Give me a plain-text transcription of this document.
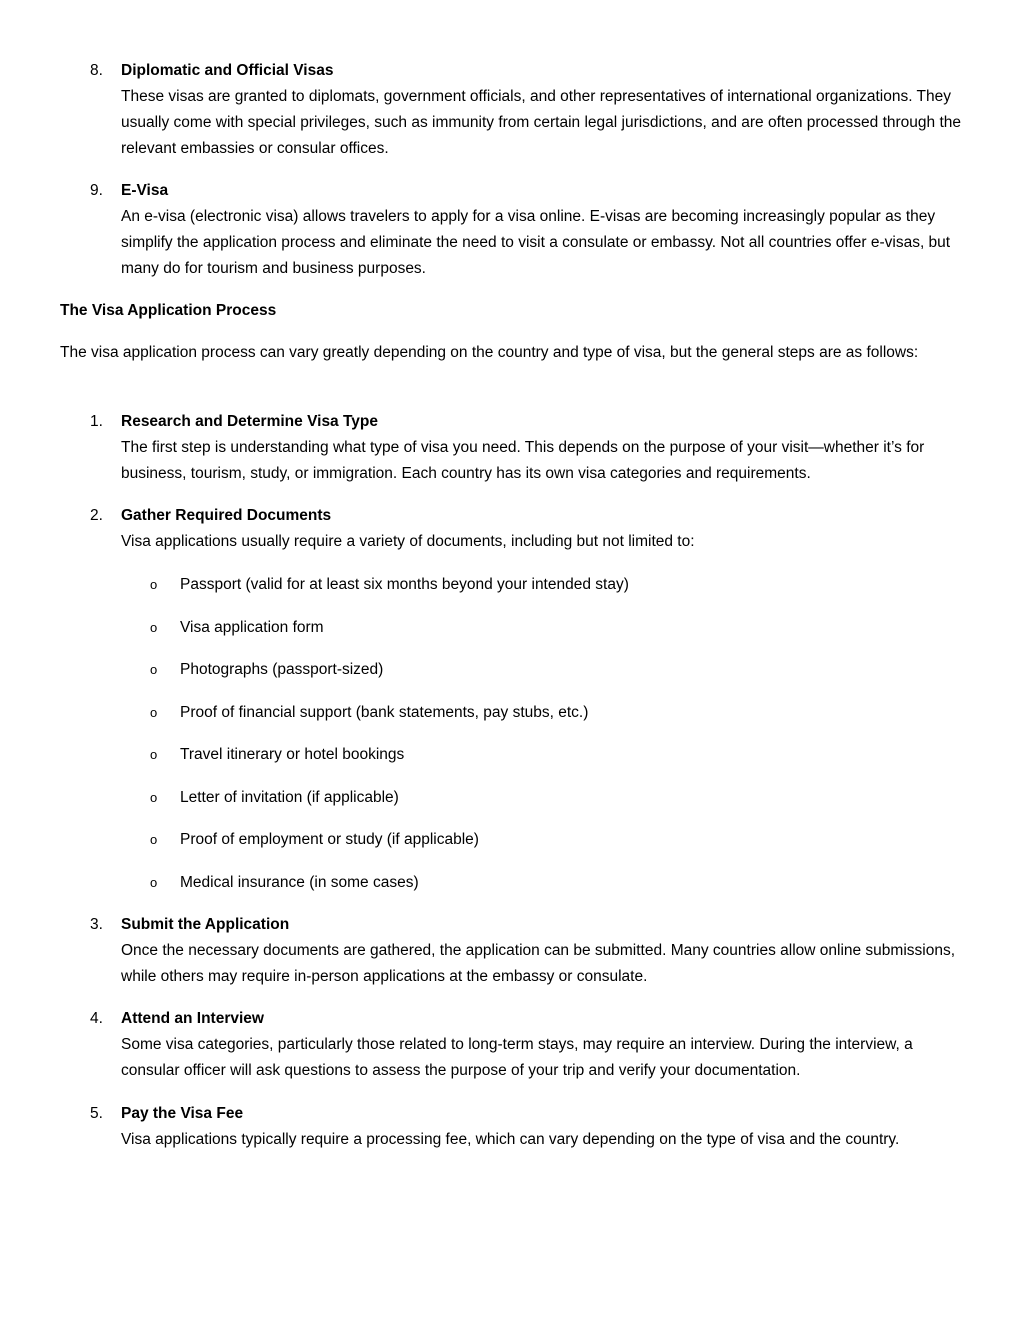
8.	Diplomatic and Official Visas
These visas are granted to diplomats, government officials, and other representatives of international organizations. They usually come with special privileges, such as immunity from certain legal jurisdictions, and are often processed through the relevant embassies or consular offices.
9.	E-Visa
An e-visa (electronic visa) allows travelers to apply for a visa online. E-visas are becoming increasingly popular as they simplify the application process and eliminate the need to visit a consulate or embassy. Not all countries offer e-visas, but many do for tourism and business purposes.
The Visa Application Process
The visa application process can vary greatly depending on the country and type of visa, but the general steps are as follows:
1.	Research and Determine Visa Type
The first step is understanding what type of visa you need. This depends on the purpose of your visit—whether it’s for business, tourism, study, or immigration. Each country has its own visa categories and requirements.
2.	Gather Required Documents
Visa applications usually require a variety of documents, including but not limited to:
o Passport (valid for at least six months beyond your intended stay)
o Visa application form
o Photographs (passport-sized)
o Proof of financial support (bank statements, pay stubs, etc.)
o Travel itinerary or hotel bookings
o Letter of invitation (if applicable)
o Proof of employment or study (if applicable)
o Medical insurance (in some cases)
3.	Submit the Application
Once the necessary documents are gathered, the application can be submitted. Many countries allow online submissions, while others may require in-person applications at the embassy or consulate.
4.	Attend an Interview
Some visa categories, particularly those related to long-term stays, may require an interview. During the interview, a consular officer will ask questions to assess the purpose of your trip and verify your documentation.
5.	Pay the Visa Fee
Visa applications typically require a processing fee, which can vary depending on the type of visa and the country.
